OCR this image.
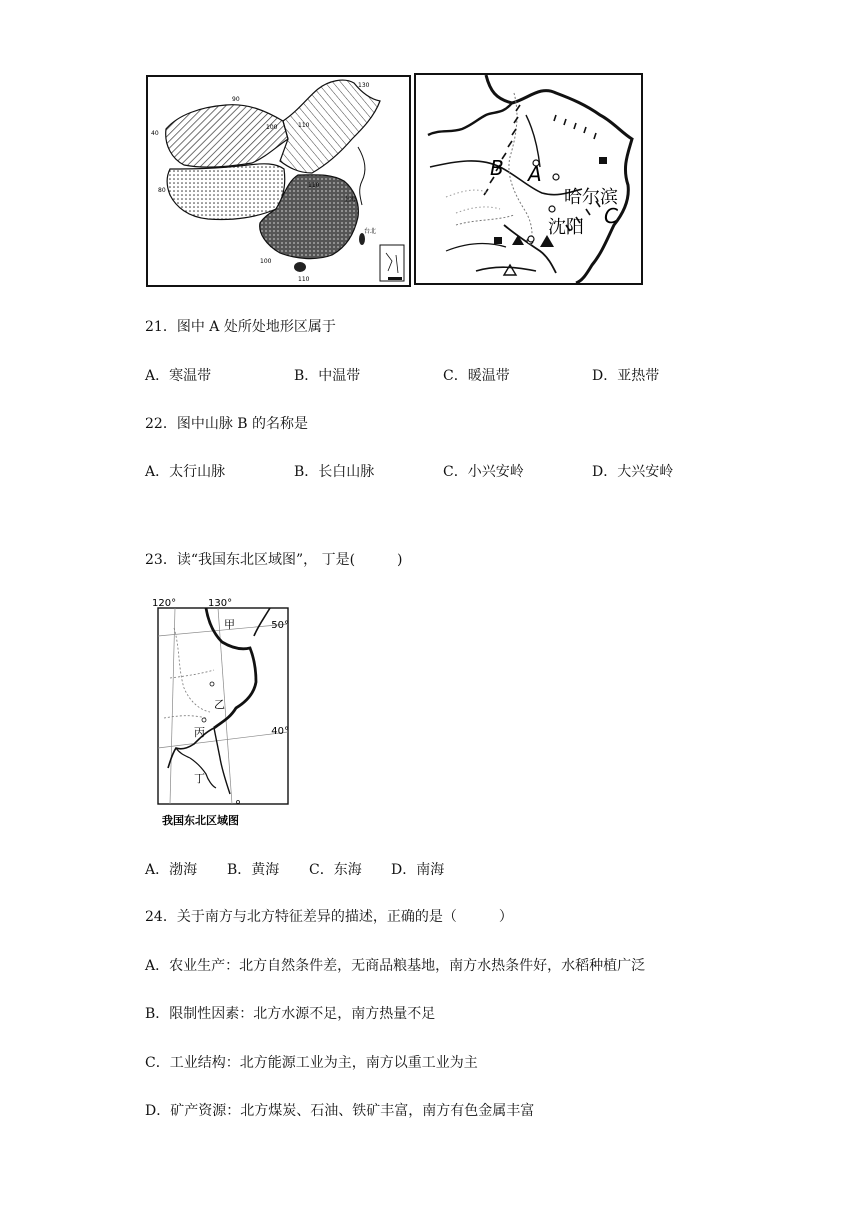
130
110
100
90
40
80
110
100
上海
台北
110
B A
C
哈尔滨
沈阳
21．图中 A 处所处地形区属于
A．寒温带	B．中温带	C．暖温带	D．亚热带
22．图中山脉 B 的名称是
A．太行山脉	B．长白山脉	C．小兴安岭	D．大兴安岭
23．读“我国东北区域图”， 丁是(　　　)
120°	130°
50°
40°
甲
乙
丙
丁
我国东北区域图
A．渤海 B．黄海 C．东海 D．南海
24．关于南方与北方特征差异的描述，正确的是（　　　）
A．农业生产：北方自然条件差，无商品粮基地，南方水热条件好，水稻种植广泛
B．限制性因素：北方水源不足，南方热量不足
C．工业结构：北方能源工业为主，南方以重工业为主
D．矿产资源：北方煤炭、石油、铁矿丰富，南方有色金属丰富
